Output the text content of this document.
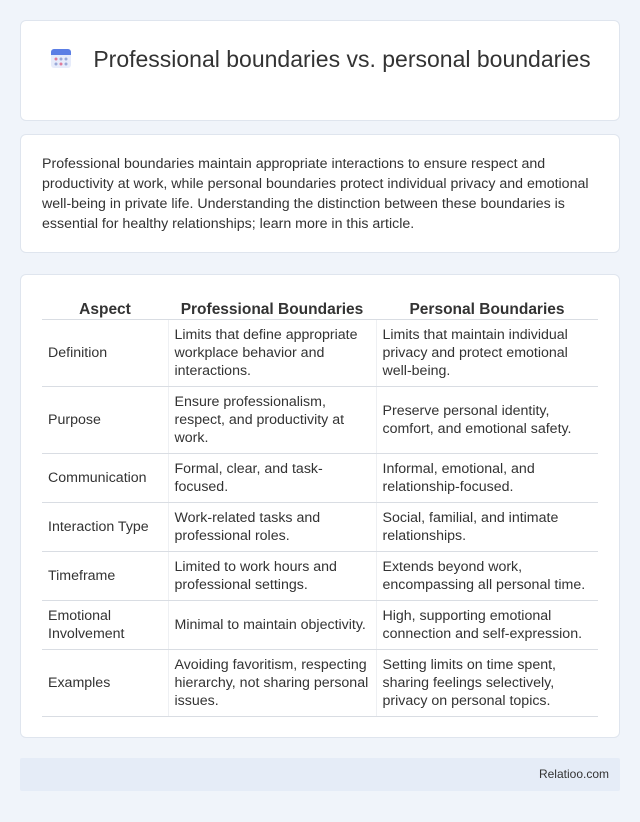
Professional boundaries vs. personal boundaries

Professional boundaries maintain appropriate interactions to ensure respect and productivity at work, while personal boundaries protect individual privacy and emotional well-being in private life. Understanding the distinction between these boundaries is essential for healthy relationships; learn more in this article.

Aspect	Professional Boundaries	Personal Boundaries
Definition	Limits that define appropriate workplace behavior and interactions.	Limits that maintain individual privacy and protect emotional well-being.
Purpose	Ensure professionalism, respect, and productivity at work.	Preserve personal identity, comfort, and emotional safety.
Communication	Formal, clear, and task-focused.	Informal, emotional, and relationship-focused.
Interaction Type	Work-related tasks and professional roles.	Social, familial, and intimate relationships.
Timeframe	Limited to work hours and professional settings.	Extends beyond work, encompassing all personal time.
Emotional Involvement	Minimal to maintain objectivity.	High, supporting emotional connection and self-expression.
Examples	Avoiding favoritism, respecting hierarchy, not sharing personal issues.	Setting limits on time spent, sharing feelings selectively, privacy on personal topics.
Relatioo.com
